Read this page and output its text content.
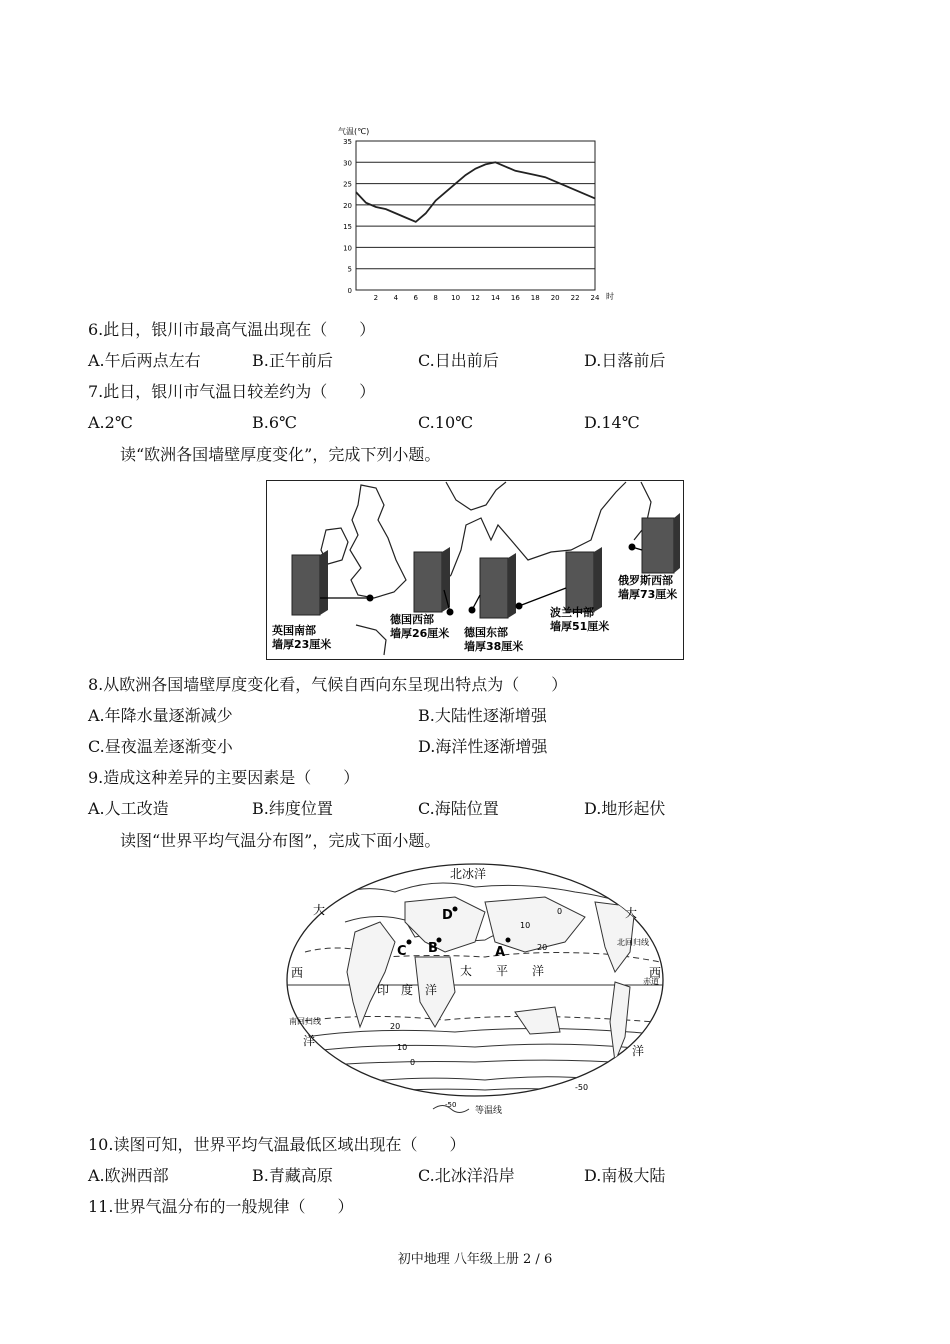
0
5
10
15
20
25
30
35
2 4 6 8 10 12 14 16 18 20 22 24
气温(℃)
时
6.此日，银川市最高气温出现在（　　）
A.午后两点左右	B.正午前后	C.日出前后	D.日落前后
7.此日，银川市气温日较差约为（　　）
A.2℃	B.6℃	C.10℃	D.14℃
读“欧洲各国墙壁厚度变化”，完成下列小题。
英国南部
墙厚23厘米
德国西部
墙厚26厘米 德国东部
墙厚38厘米
波兰中部
墙厚51厘米
俄罗斯西部
墙厚73厘米
8.从欧洲各国墙壁厚度变化看，气候自西向东呈现出特点为（　　）
A.年降水量逐渐减少	B.大陆性逐渐增强
C.昼夜温差逐渐变小	D.海洋性逐渐增强
9.造成这种差异的主要因素是（　　）
A.人工改造	B.纬度位置	C.海陆位置	D.地形起伏
读图“世界平均气温分布图”，完成下面小题。
北冰洋
大
西
洋
大
西
洋
太　　平　　洋
印　度　洋
北回归线
赤道
南回归线
D
B
C	A
0
10
20
20
10
0
-50
-50
等温线
10.读图可知，世界平均气温最低区域出现在（　　）
A.欧洲西部	B.青藏高原	C.北冰洋沿岸	D.南极大陆
11.世界气温分布的一般规律（　　）
初中地理 八年级上册 2 / 6
